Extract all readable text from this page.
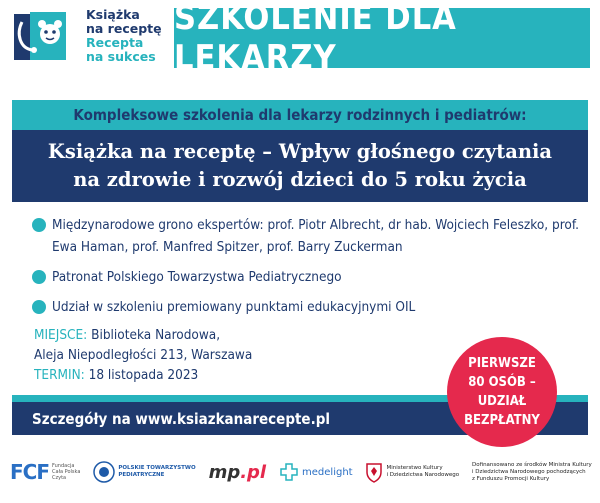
Książka
na receptę
Recepta
na sukces
SZKOLENIE DLA LEKARZY
Kompleksowe szkolenia dla lekarzy rodzinnych i pediatrów:
Książka na receptę – Wpływ głośnego czytania
na zdrowie i rozwój dzieci do 5 roku życia
Międzynarodowe grono ekspertów: prof. Piotr Albrecht, dr hab. Wojciech Feleszko, prof. Ewa Haman, prof. Manfred Spitzer, prof. Barry Zuckerman
Patronat Polskiego Towarzystwa Pediatrycznego
Udział w szkoleniu premiowany punktami edukacyjnymi OIL
MIEJSCE: Biblioteka Narodowa,
Aleja Niepodległości 213, Warszawa
TERMIN: 18 listopada 2023
Szczegóły na www.ksiazkanarecepte.pl
PIERWSZE
80 OSÓB –
UDZIAŁ
BEZPŁATNY
FCF Fundacja
Cała Polska
Czyta
POLSKIE TOWARZYSTWO
PEDIATRYCZNE	mp.pl	medelight	Ministerstwo Kultury
i Dziedzictwa Narodowego
Dofinansowano ze środków Ministra Kultury
i Dziedzictwa Narodowego pochodzących
z Funduszu Promocji Kultury
